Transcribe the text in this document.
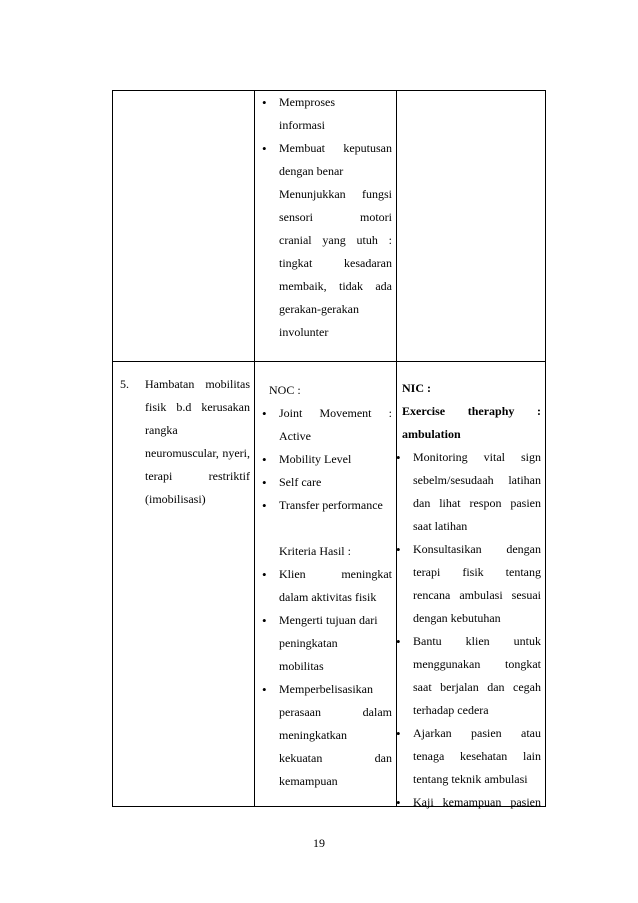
• Memproses
informasi
• Membuat keputusan
dengan benar
Menunjukkan fungsi
sensori motori
cranial yang utuh :
tingkat kesadaran
membaik, tidak ada
gerakan-gerakan
involunter
5.	Hambatan mobilitas
fisik b.d kerusakan
rangka
neuromuscular, nyeri,
terapi restriktif
(imobilisasi)
NOC :
• Joint Movement :
Active
• Mobility Level
• Self care
• Transfer performance
Kriteria Hasil :
• Klien meningkat
dalam aktivitas fisik
• Mengerti tujuan dari
peningkatan
mobilitas
• Memperbelisasikan
perasaan dalam
meningkatkan
kekuatan dan
kemampuan
NIC :
Exercise theraphy :
ambulation
• Monitoring vital sign
sebelm/sesudaah latihan
dan lihat respon pasien
saat latihan
• Konsultasikan dengan
terapi fisik tentang
rencana ambulasi sesuai
dengan kebutuhan
• Bantu klien untuk
menggunakan tongkat
saat berjalan dan cegah
terhadap cedera
• Ajarkan pasien atau
tenaga kesehatan lain
tentang teknik ambulasi
• Kaji kemampuan pasien
19
